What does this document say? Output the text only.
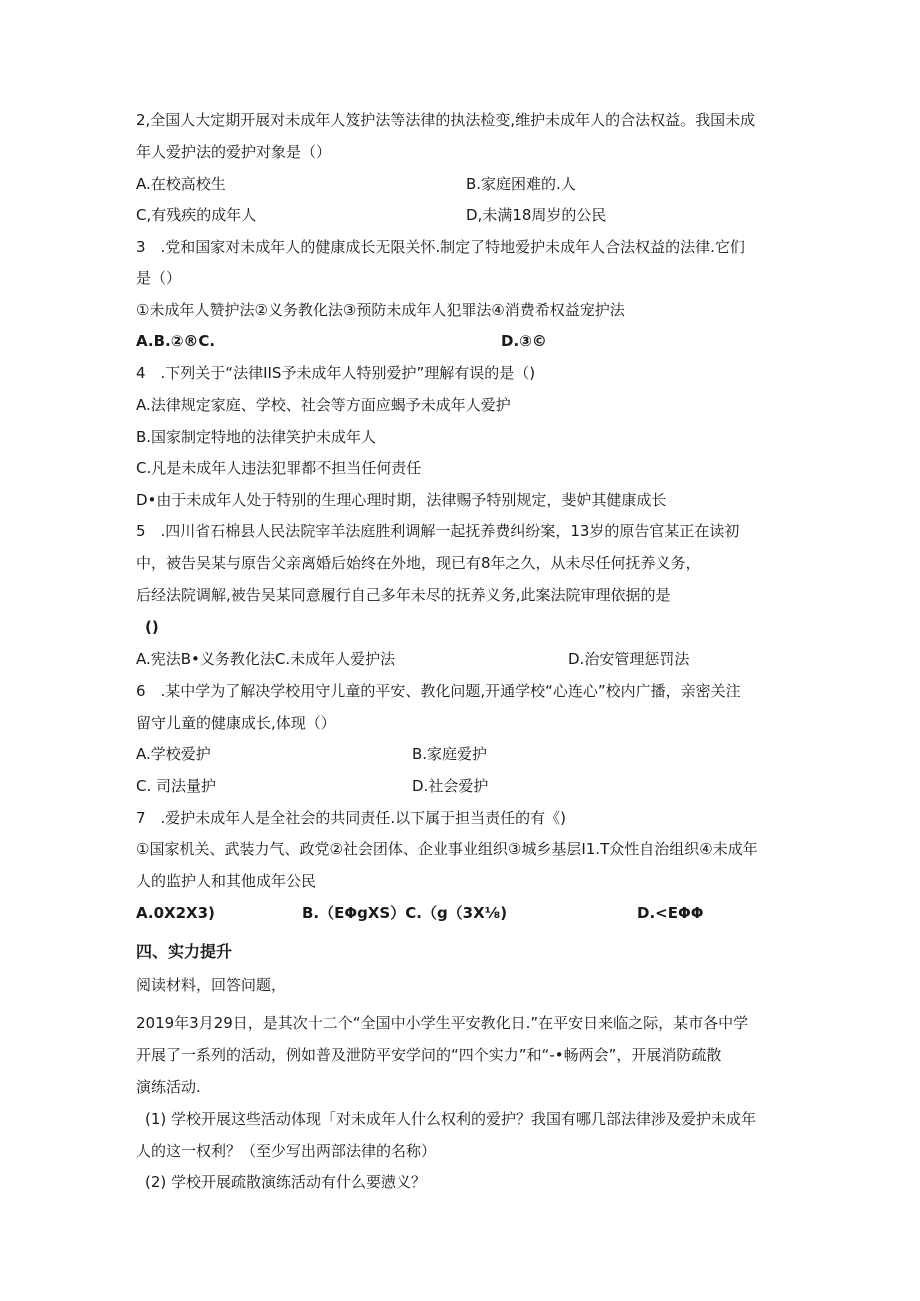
2,全国人大定期开展对未成年人笈护法等法律的执法检变,维护未成年人的合法权益。我国未成
年人爱护法的爱护对象是（）
A.在校高校生	B.家庭困难的.人
C,有残疾的成年人	D,未满18周岁的公民
3　.党和国家对未成年人的健康成长无限关怀.制定了特地爱护未成年人合法权益的法律.它们
是（）
①未成年人赞护法②义务教化法③预防未成年人犯罪法④消费希权益宠护法
A.B.②®C.	D.③©
4　.下列关于“法律IIS予未成年人特别爱护”理解有误的是（)
A.法律规定家庭、学校、社会等方面应蝎予未成年人爱护
B.国家制定特地的法律笑护未成年人
C.凡是未成年人违法犯罪都不担当任何责任
D•由于未成年人处于特别的生理心理时期，法律赐予特别规定，斐妒其健康成长
5　.四川省石棉县人民法院宰羊法庭胜利调解一起抚养费纠纷案，13岁的原告官某正在读初
中，被告吴某与原告父亲离婚后始终在外地，现已有8年之久，从未尽任何抚养义务，
后经法院调解,被告吴某同意履行自己多年未尽的抚养义务,此案法院审理依据的是
()
A.宪法B•义务教化法C.未成年人爱护法	D.治安管理惩罚法
6　.某中学为了解决学校用守儿童的平安、教化问题,开通学校“心连心”校内广播，亲密关注
留守儿童的健康成长,体现（）
A.学校爱护	B.家庭爱护
C. 司法量护	D.社会爱护
7　.爱护未成年人是全社会的共同责任.以下属于担当责任的有《)
①国家机关、武装力气、政党②社会团体、企业事业组织③城乡基层I1.T众性自治组织④未成年
人的监护人和其他成年公民
A.0X2X3)	B.（EΦgXS）C.（g（3X⅛)	D.<EΦΦ
四、实力提升
阅读材料，回答问题，
2019年3月29日，是其次十二个“全国中小学生平安教化日.”在平安日来临之际，某市各中学
开展了一系列的活动，例如普及泄防平安学问的“四个实力”和“-•畅两会”，开展消防疏散
演练活动.
(1) 学校开展这些活动体现「对未成年人什么权利的爱护？我国有哪几部法律涉及爱护未成年
人的这一权利？（至少写出两部法律的名称）
(2) 学校开展疏散演练活动有什么要懑义？
